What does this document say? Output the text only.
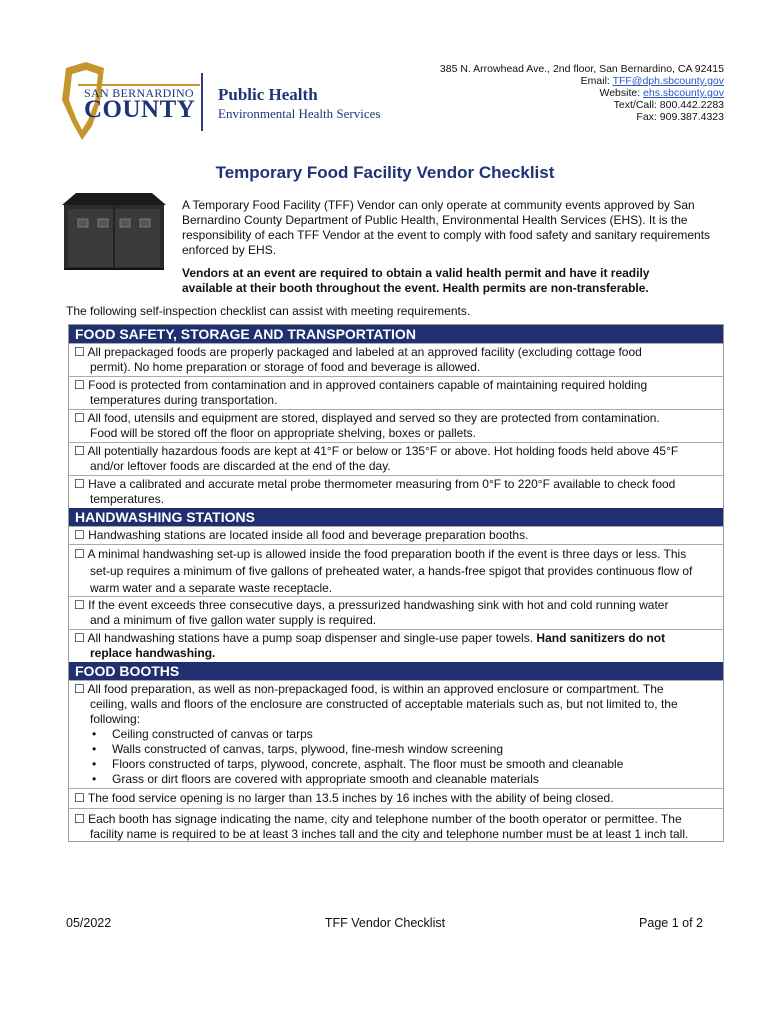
SAN BERNARDINO
COUNTY
Public Health
Environmental Health Services
385 N. Arrowhead Ave., 2nd floor, San Bernardino, CA 92415
Email: TFF@dph.sbcounty.gov
Website: ehs.sbcounty.gov
Text/Call: 800.442.2283
Fax: 909.387.4323
Temporary Food Facility Vendor Checklist
A Temporary Food Facility (TFF) Vendor can only operate at community events approved by San Bernardino County Department of Public Health, Environmental Health Services (EHS). It is the responsibility of each TFF Vendor at the event to comply with food safety and sanitary requirements enforced by EHS.
Vendors at an event are required to obtain a valid health permit and have it readily available at their booth throughout the event. Health permits are non-transferable.
The following self-inspection checklist can assist with meeting requirements.
FOOD SAFETY, STORAGE AND TRANSPORTATION
☐ All prepackaged foods are properly packaged and labeled at an approved facility (excluding cottage food
permit). No home preparation or storage of food and beverage is allowed.
☐ Food is protected from contamination and in approved containers capable of maintaining required holding
temperatures during transportation.
☐ All food, utensils and equipment are stored, displayed and served so they are protected from contamination.
Food will be stored off the floor on appropriate shelving, boxes or pallets.
☐ All potentially hazardous foods are kept at 41°F or below or 135°F or above. Hot holding foods held above 45°F
and/or leftover foods are discarded at the end of the day.
☐ Have a calibrated and accurate metal probe thermometer measuring from 0°F to 220°F available to check food
temperatures.
HANDWASHING STATIONS
☐ Handwashing stations are located inside all food and beverage preparation booths.
☐ A minimal handwashing set-up is allowed inside the food preparation booth if the event is three days or less. This
set-up requires a minimum of five gallons of preheated water, a hands-free spigot that provides continuous flow of
warm water and a separate waste receptacle.
☐ If the event exceeds three consecutive days, a pressurized handwashing sink with hot and cold running water
and a minimum of five gallon water supply is required.
☐ All handwashing stations have a pump soap dispenser and single-use paper towels. Hand sanitizers do not
replace handwashing.
FOOD BOOTHS
☐ All food preparation, as well as non-prepackaged food, is within an approved enclosure or compartment. The
ceiling, walls and floors of the enclosure are constructed of acceptable materials such as, but not limited to, the
following:
• Ceiling constructed of canvas or tarps
• Walls constructed of canvas, tarps, plywood, fine-mesh window screening
• Floors constructed of tarps, plywood, concrete, asphalt. The floor must be smooth and cleanable
• Grass or dirt floors are covered with appropriate smooth and cleanable materials
☐ The food service opening is no larger than 13.5 inches by 16 inches with the ability of being closed.
☐ Each booth has signage indicating the name, city and telephone number of the booth operator or permittee. The
facility name is required to be at least 3 inches tall and the city and telephone number must be at least 1 inch tall.
05/2022	TFF Vendor Checklist	Page 1 of 2
